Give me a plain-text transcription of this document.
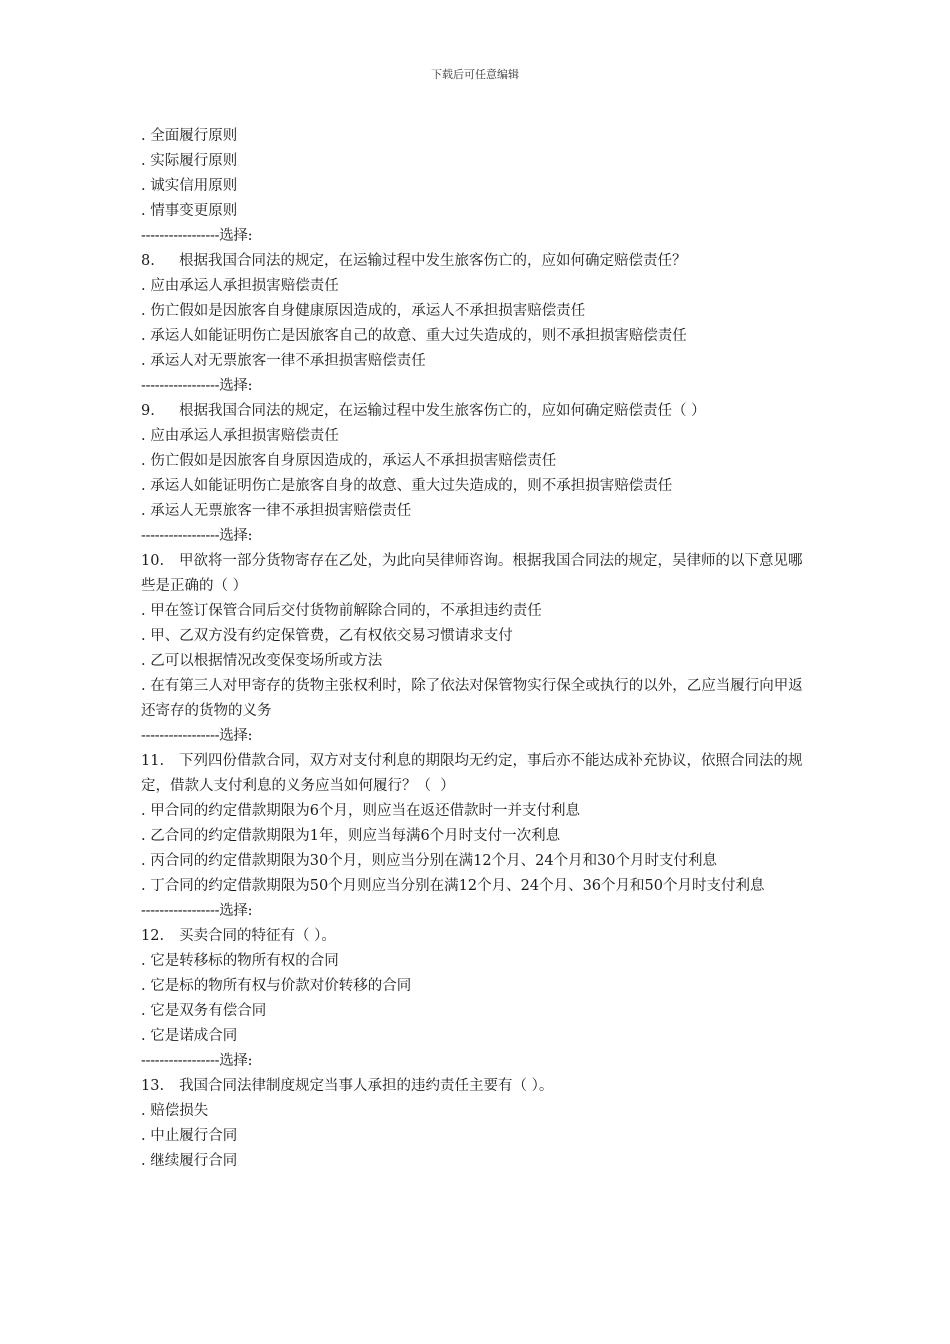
下载后可任意编辑
. 全面履行原则
. 实际履行原则
. 诚实信用原则
. 情事变更原则
-----------------选择:
8. 根据我国合同法的规定，在运输过程中发生旅客伤亡的，应如何确定赔偿责任？
. 应由承运人承担损害赔偿责任
. 伤亡假如是因旅客自身健康原因造成的，承运人不承担损害赔偿责任
. 承运人如能证明伤亡是因旅客自己的故意、重大过失造成的，则不承担损害赔偿责任
. 承运人对无票旅客一律不承担损害赔偿责任
-----------------选择:
9. 根据我国合同法的规定，在运输过程中发生旅客伤亡的，应如何确定赔偿责任（ ）
. 应由承运人承担损害赔偿责任
. 伤亡假如是因旅客自身原因造成的，承运人不承担损害赔偿责任
. 承运人如能证明伤亡是旅客自身的故意、重大过失造成的，则不承担损害赔偿责任
. 承运人无票旅客一律不承担损害赔偿责任
-----------------选择:
10. 甲欲将一部分货物寄存在乙处，为此向吴律师咨询。根据我国合同法的规定，吴律师的以下意见哪些是正确的（ ）
. 甲在签订保管合同后交付货物前解除合同的，不承担违约责任
. 甲、乙双方没有约定保管费，乙有权依交易习惯请求支付
. 乙可以根据情况改变保变场所或方法
. 在有第三人对甲寄存的货物主张权利时，除了依法对保管物实行保全或执行的以外，乙应当履行向甲返还寄存的货物的义务
-----------------选择:
11. 下列四份借款合同，双方对支付利息的期限均无约定，事后亦不能达成补充协议，依照合同法的规定，借款人支付利息的义务应当如何履行？（  ）
. 甲合同的约定借款期限为6个月，则应当在返还借款时一并支付利息
. 乙合同的约定借款期限为1年，则应当每满6个月时支付一次利息
. 丙合同的约定借款期限为30个月，则应当分别在满12个月、24个月和30个月时支付利息
. 丁合同的约定借款期限为50个月则应当分别在满12个月、24个月、36个月和50个月时支付利息
-----------------选择:
12. 买卖合同的特征有（ ）。
. 它是转移标的物所有权的合同
. 它是标的物所有权与价款对价转移的合同
. 它是双务有偿合同
. 它是诺成合同
-----------------选择:
13. 我国合同法律制度规定当事人承担的违约责任主要有（ ）。
. 赔偿损失
. 中止履行合同
. 继续履行合同
